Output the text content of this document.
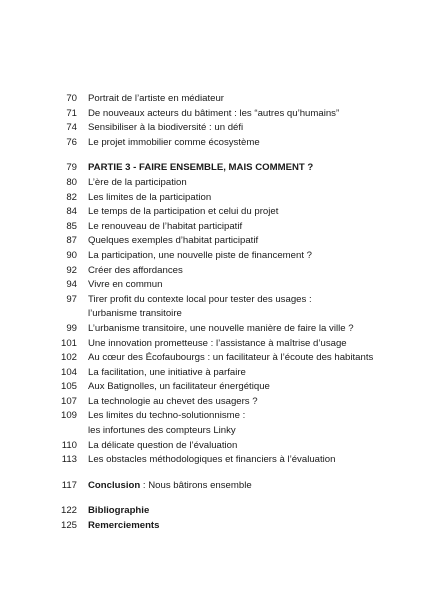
70 Portrait de l’artiste en médiateur
71 De nouveaux acteurs du bâtiment : les “autres qu’humains”
74 Sensibiliser à la biodiversité : un défi
76 Le projet immobilier comme écosystème
79 PARTIE 3 - FAIRE ENSEMBLE, MAIS COMMENT ?
80 L’ère de la participation
82 Les limites de la participation
84 Le temps de la participation et celui du projet
85 Le renouveau de l’habitat participatif
87 Quelques exemples d’habitat participatif
90 La participation, une nouvelle piste de financement ?
92 Créer des affordances
94 Vivre en commun
97 Tirer profit du contexte local pour tester des usages :
l’urbanisme transitoire
99 L’urbanisme transitoire, une nouvelle manière de faire la ville ?
101 Une innovation prometteuse : l’assistance à maîtrise d’usage
102 Au cœur des Écofaubourgs : un facilitateur à l’écoute des habitants
104 La facilitation, une initiative à parfaire
105 Aux Batignolles, un facilitateur énergétique
107 La technologie au chevet des usagers ?
109 Les limites du techno-solutionnisme :
les infortunes des compteurs Linky
110 La délicate question de l’évaluation
113 Les obstacles méthodologiques et financiers à l’évaluation
117 Conclusion : Nous bâtirons ensemble
122 Bibliographie
125 Remerciements
